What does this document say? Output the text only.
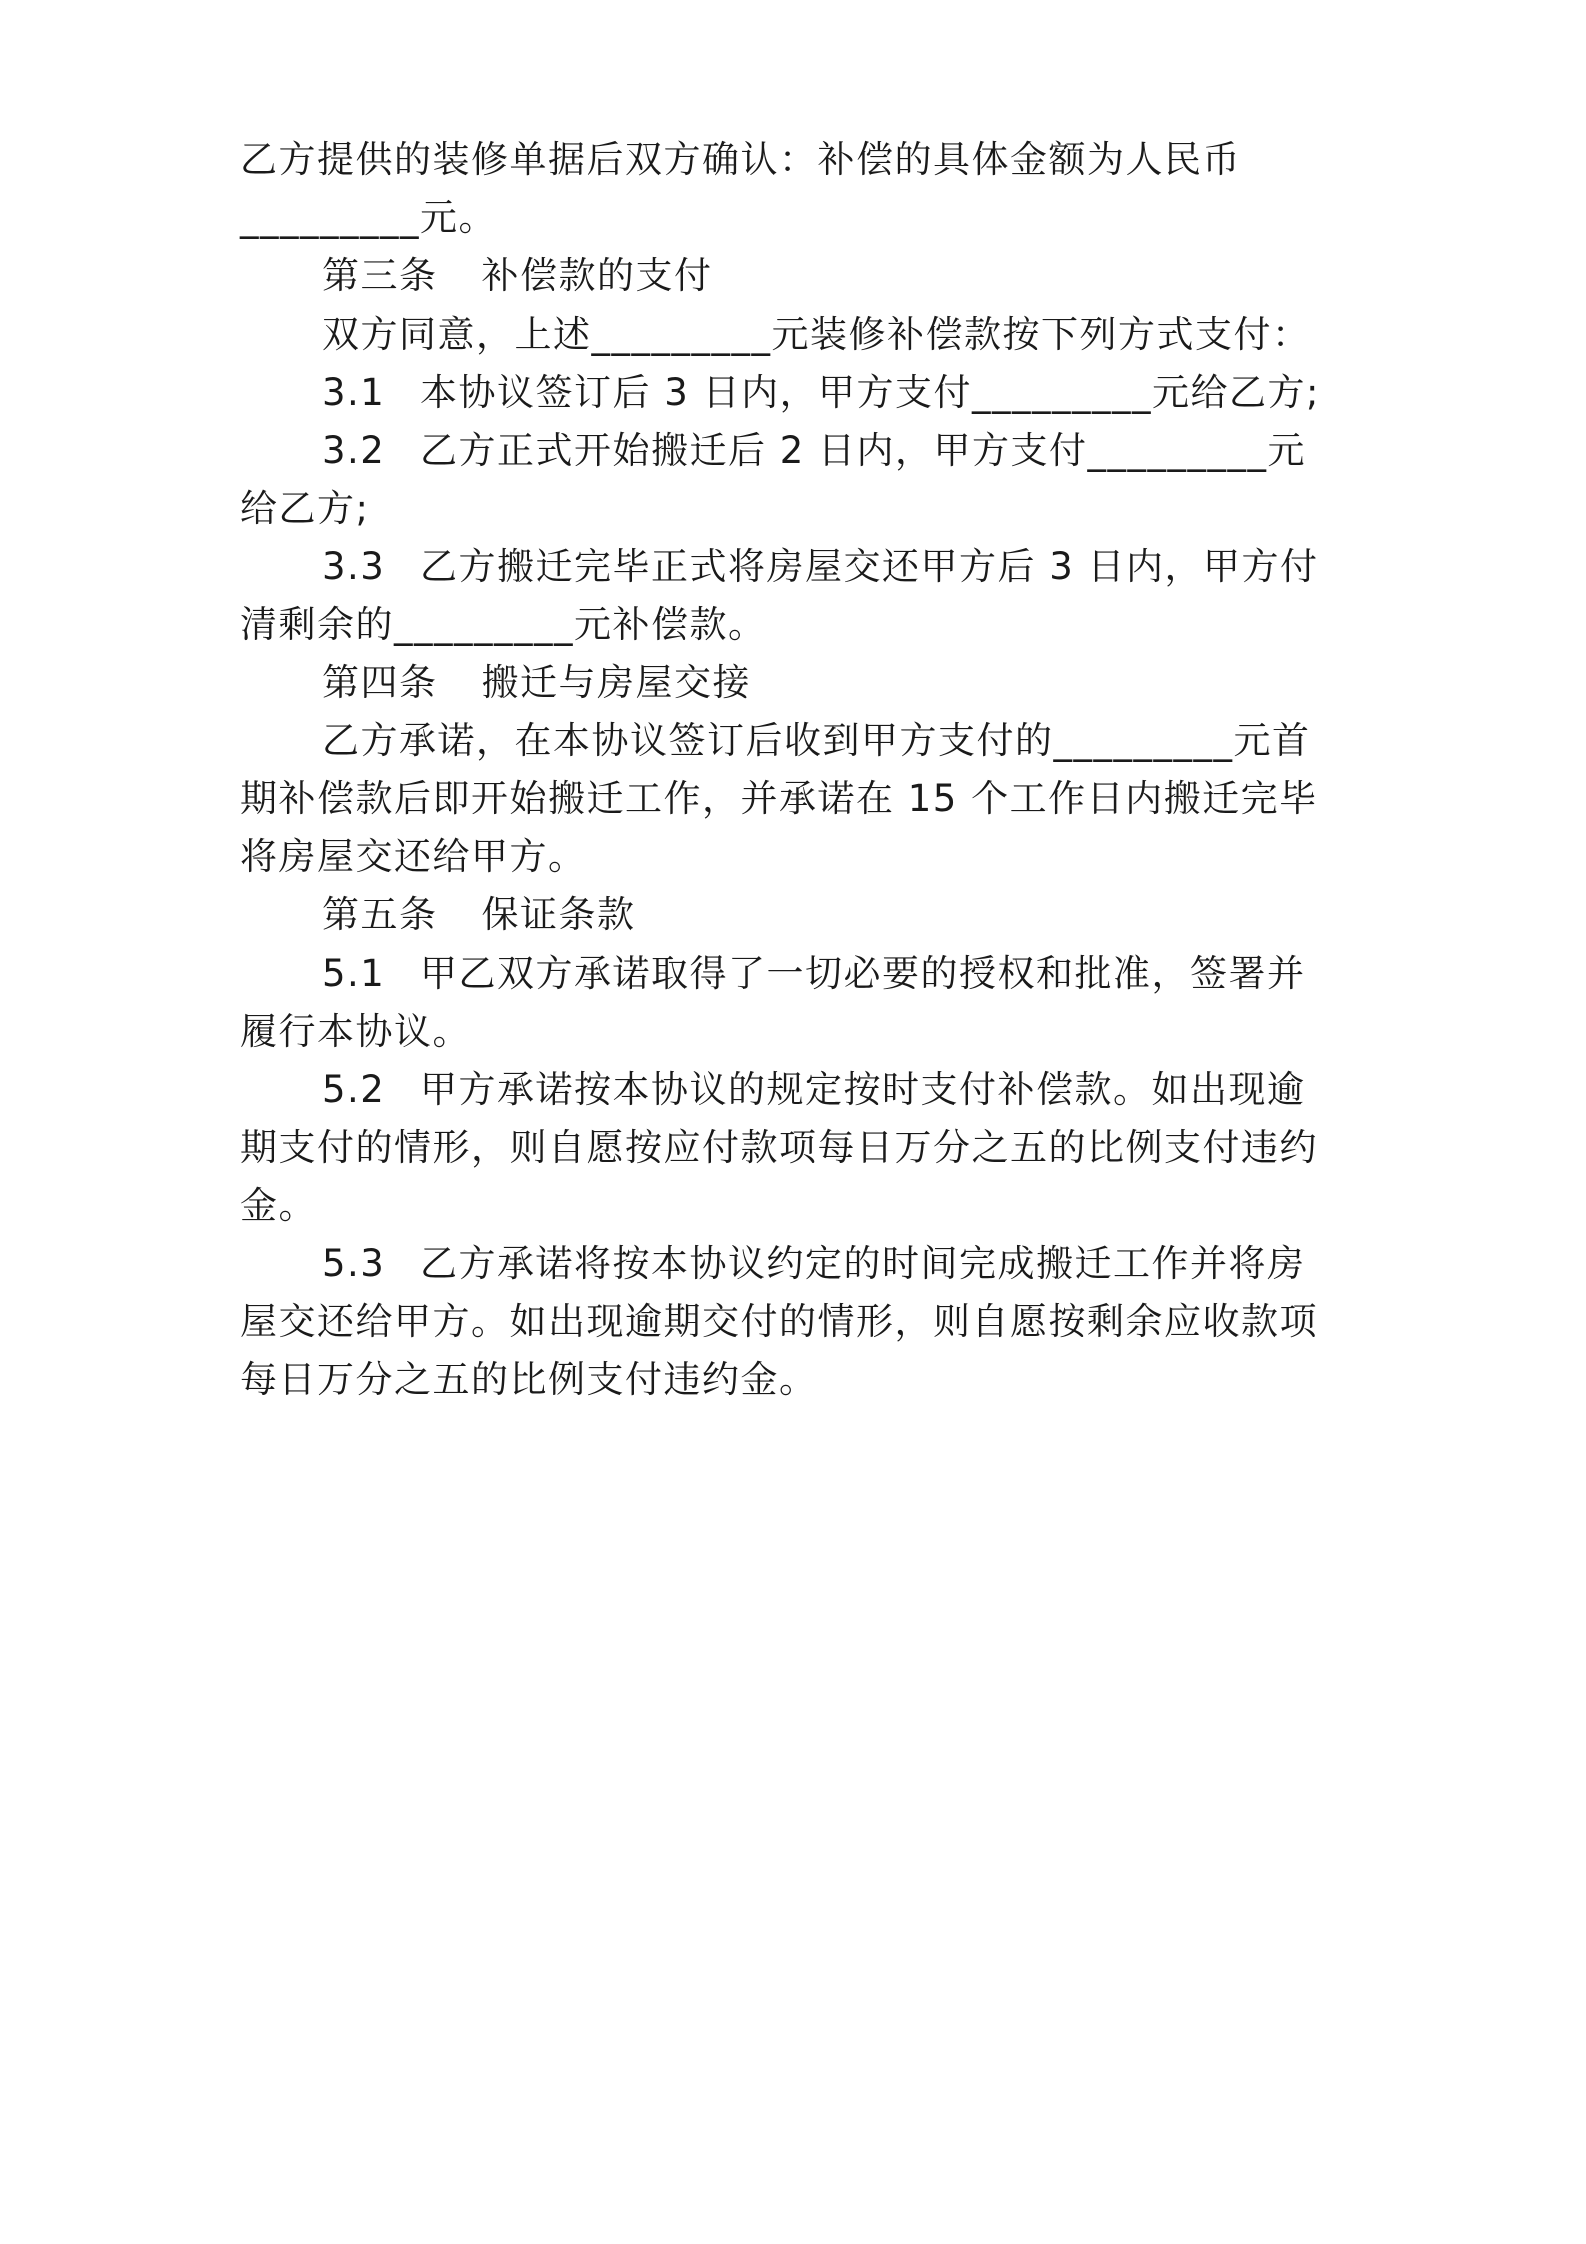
乙方提供的装修单据后双方确认：补偿的具体金额为人民币
_________元。
第三条 补偿款的支付
双方同意，上述_________元装修补偿款按下列方式支付：
3.1 本协议签订后 3 日内，甲方支付_________元给乙方;
3.2 乙方正式开始搬迁后 2 日内，甲方支付_________元
给乙方;
3.3 乙方搬迁完毕正式将房屋交还甲方后 3 日内，甲方付
清剩余的_________元补偿款。
第四条 搬迁与房屋交接
乙方承诺，在本协议签订后收到甲方支付的_________元首
期补偿款后即开始搬迁工作，并承诺在 15 个工作日内搬迁完毕
将房屋交还给甲方。
第五条 保证条款
5.1 甲乙双方承诺取得了一切必要的授权和批准，签署并
履行本协议。
5.2 甲方承诺按本协议的规定按时支付补偿款。如出现逾
期支付的情形，则自愿按应付款项每日万分之五的比例支付违约
金。
5.3 乙方承诺将按本协议约定的时间完成搬迁工作并将房
屋交还给甲方。如出现逾期交付的情形，则自愿按剩余应收款项
每日万分之五的比例支付违约金。
